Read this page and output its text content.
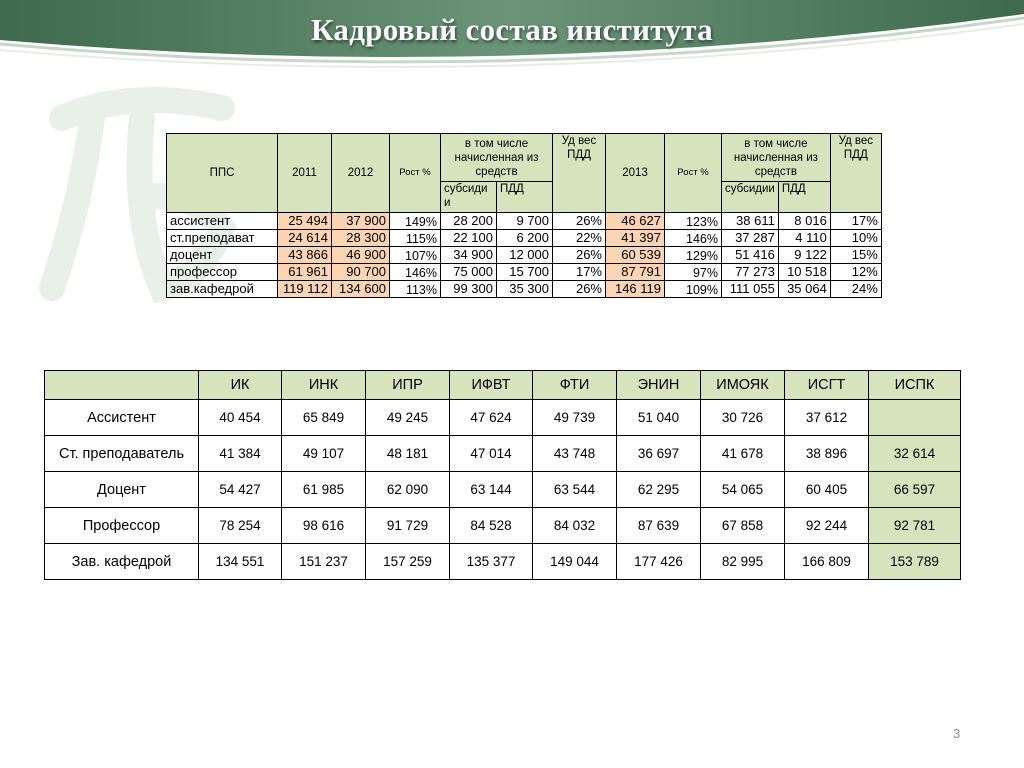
Кадровый состав института
ППС	2011	2012	Рост %	в том числе начисленная из средств		Уд вес ПДД	2013	Рост %	в том числе начисленная из средств		Уд вес ПДД
				субсиди и	ПДД				субсидии	ПДД	
ассистент	25 494	37 900	149%	28 200	9 700	26%	46 627	123%	38 611	8 016	17%
ст.преподават	24 614	28 300	115%	22 100	6 200	22%	41 397	146%	37 287	4 110	10%
доцент	43 866	46 900	107%	34 900	12 000	26%	60 539	129%	51 416	9 122	15%
профессор	61 961	90 700	146%	75 000	15 700	17%	87 791	97%	77 273	10 518	12%
зав.кафедрой	119 112	134 600	113%	99 300	35 300	26%	146 119	109%	111 055	35 064	24%
	ИК	ИНК	ИПР	ИФВТ	ФТИ	ЭНИН	ИМОЯК	ИСГТ	ИСПК
Ассистент	40 454	65 849	49 245	47 624	49 739	51 040	30 726	37 612	
Ст. преподаватель	41 384	49 107	48 181	47 014	43 748	36 697	41 678	38 896	32 614
Доцент	54 427	61 985	62 090	63 144	63 544	62 295	54 065	60 405	66 597
Профессор	78 254	98 616	91 729	84 528	84 032	87 639	67 858	92 244	92 781
Зав. кафедрой	134 551	151 237	157 259	135 377	149 044	177 426	82 995	166 809	153 789
3
